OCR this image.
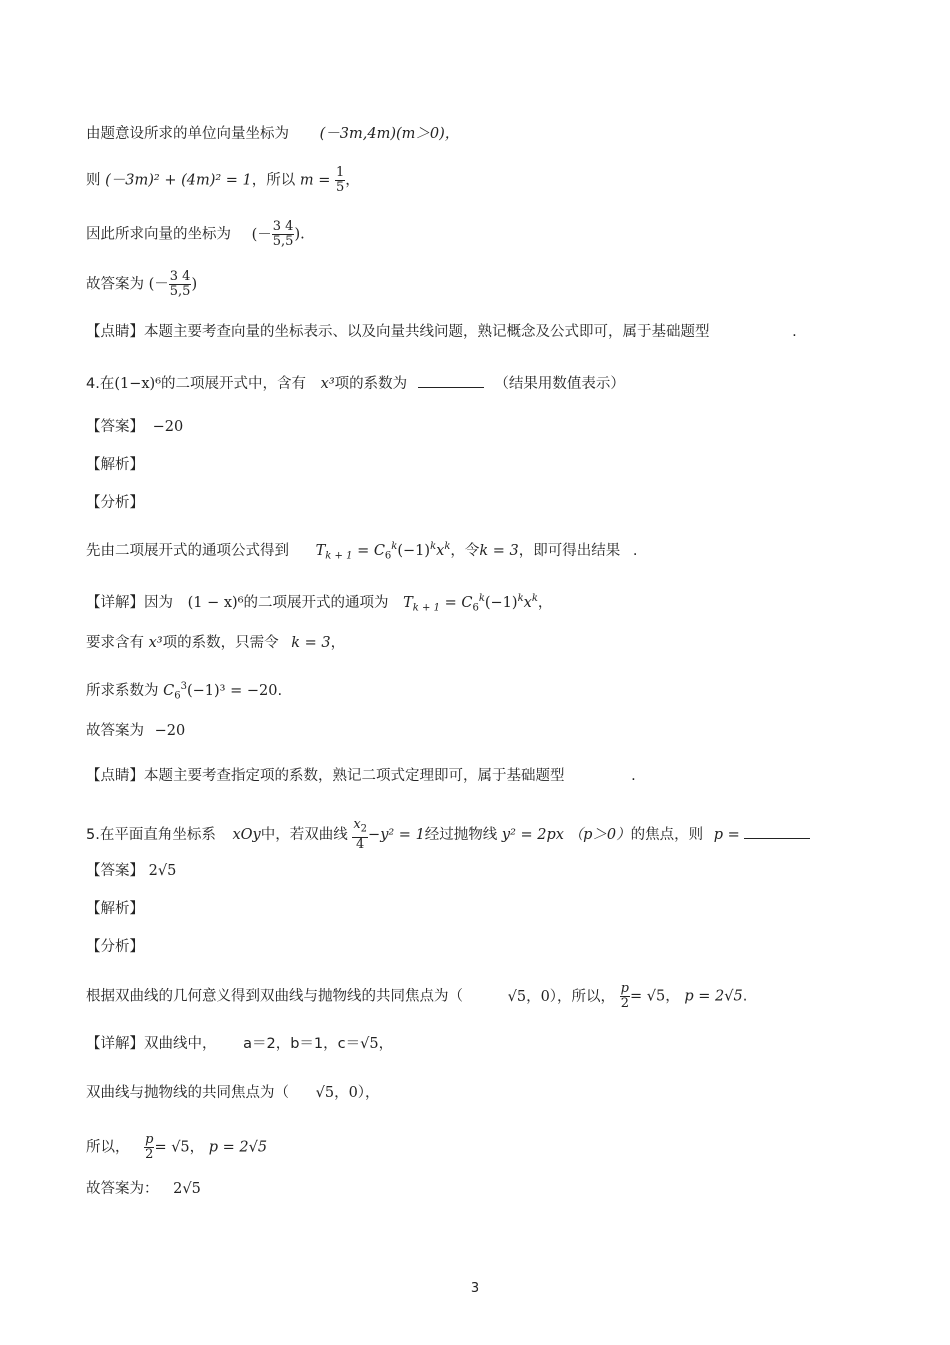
由题意设所求的单位向量坐标为 (－3m,4m)(m＞0)，
则 (－3m)² + (4m)² = 1，所以 $m = \frac{1}{5}$ ，
因此所求向量的坐标为 (－ $\frac{3 4}{5,5}$ ).
故答案为 (－ $\frac{3 4}{5,5}$ )
【点睛】本题主要考查向量的坐标表示、以及向量共线问题，熟记概念及公式即可，属于基础题型	.
4.在(1−x)⁶的二项展开式中，含有 x³项的系数为	（结果用数值表示）
【答案】 −20
【解析】
【分析】
先由二项展开式的通项公式得到 $T_{k + 1} = C_6^k(-1)^kx^k$，令k = 3，即可得出结果 .
【详解】因为 (1 − x)⁶的二项展开式的通项为 $T_{k + 1} = C_6^k(-1)^kx^k$，
要求含有 x³项的系数，只需令 k = 3，
所求系数为 $C_6^3(-1)^3 = -20$.
故答案为 −20
【点睛】本题主要考查指定项的系数，熟记二项式定理即可，属于基础题型	.
5.在平面直角坐标系 xOy中，若双曲线 $\frac{x_2}{4} -y^2 = 1$经过抛物线 y² = 2px （p＞0）的焦点，则 p =
【答案】 2√5
【解析】
【分析】
根据双曲线的几何意义得到双曲线与抛物线的共同焦点为（	√5，0），所以， $\frac{p}{2} = √5$， p = 2√5.
【详解】双曲线中， a＝2，b＝1，c＝√5，
双曲线与抛物线的共同焦点为（ √5，0），
所以， $\frac{p}{2} = √5$， p = 2√5
故答案为： 2√5
3
